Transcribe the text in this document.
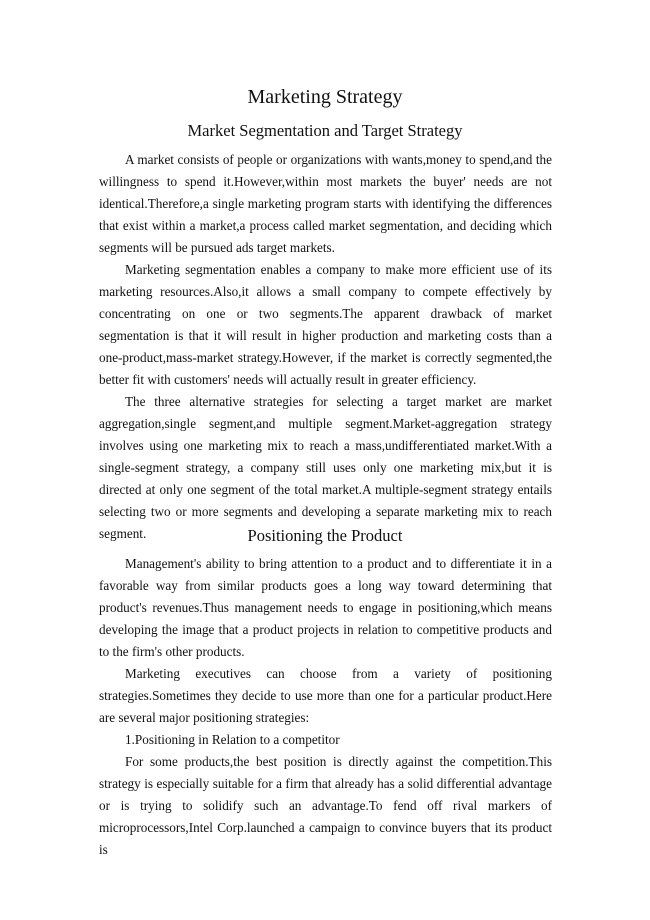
Marketing Strategy
Market Segmentation and Target Strategy

A market consists of people or organizations with wants,money to spend,and the willingness to spend it.However,within most markets the buyer' needs are not identical.Therefore,a single marketing program starts with identifying the differences that exist within a market,a process called market segmentation, and deciding which segments will be pursued ads target markets.

Marketing segmentation enables a company to make more efficient use of its marketing resources.Also,it allows a small company to compete effectively by concentrating on one or two segments.The apparent drawback of market segmentation is that it will result in higher production and marketing costs than a one-product,mass-market strategy.However, if the market is correctly segmented,the better fit with customers' needs will actually result in greater efficiency.

The three alternative strategies for selecting a target market are market aggregation,single segment,and multiple segment.Market-aggregation strategy involves using one marketing mix to reach a mass,undifferentiated market.With a single-segment strategy, a company still uses only one marketing mix,but it is directed at only one segment of the total market.A multiple-segment strategy entails selecting two or more segments and developing a separate marketing mix to reach segment.	Positioning the Product

Management's ability to bring attention to a product and to differentiate it in a favorable way from similar products goes a long way toward determining that product's revenues.Thus management needs to engage in positioning,which means developing the image that a product projects in relation to competitive products and to the firm's other products.

Marketing executives can choose from a variety of positioning strategies.Sometimes they decide to use more than one for a particular product.Here are several major positioning strategies:

1.Positioning in Relation to a competitor

For some products,the best position is directly against the competition.This strategy is especially suitable for a firm that already has a solid differential advantage or is trying to solidify such an advantage.To fend off rival markers of microprocessors,Intel Corp.launched a campaign to convince buyers that its product is
